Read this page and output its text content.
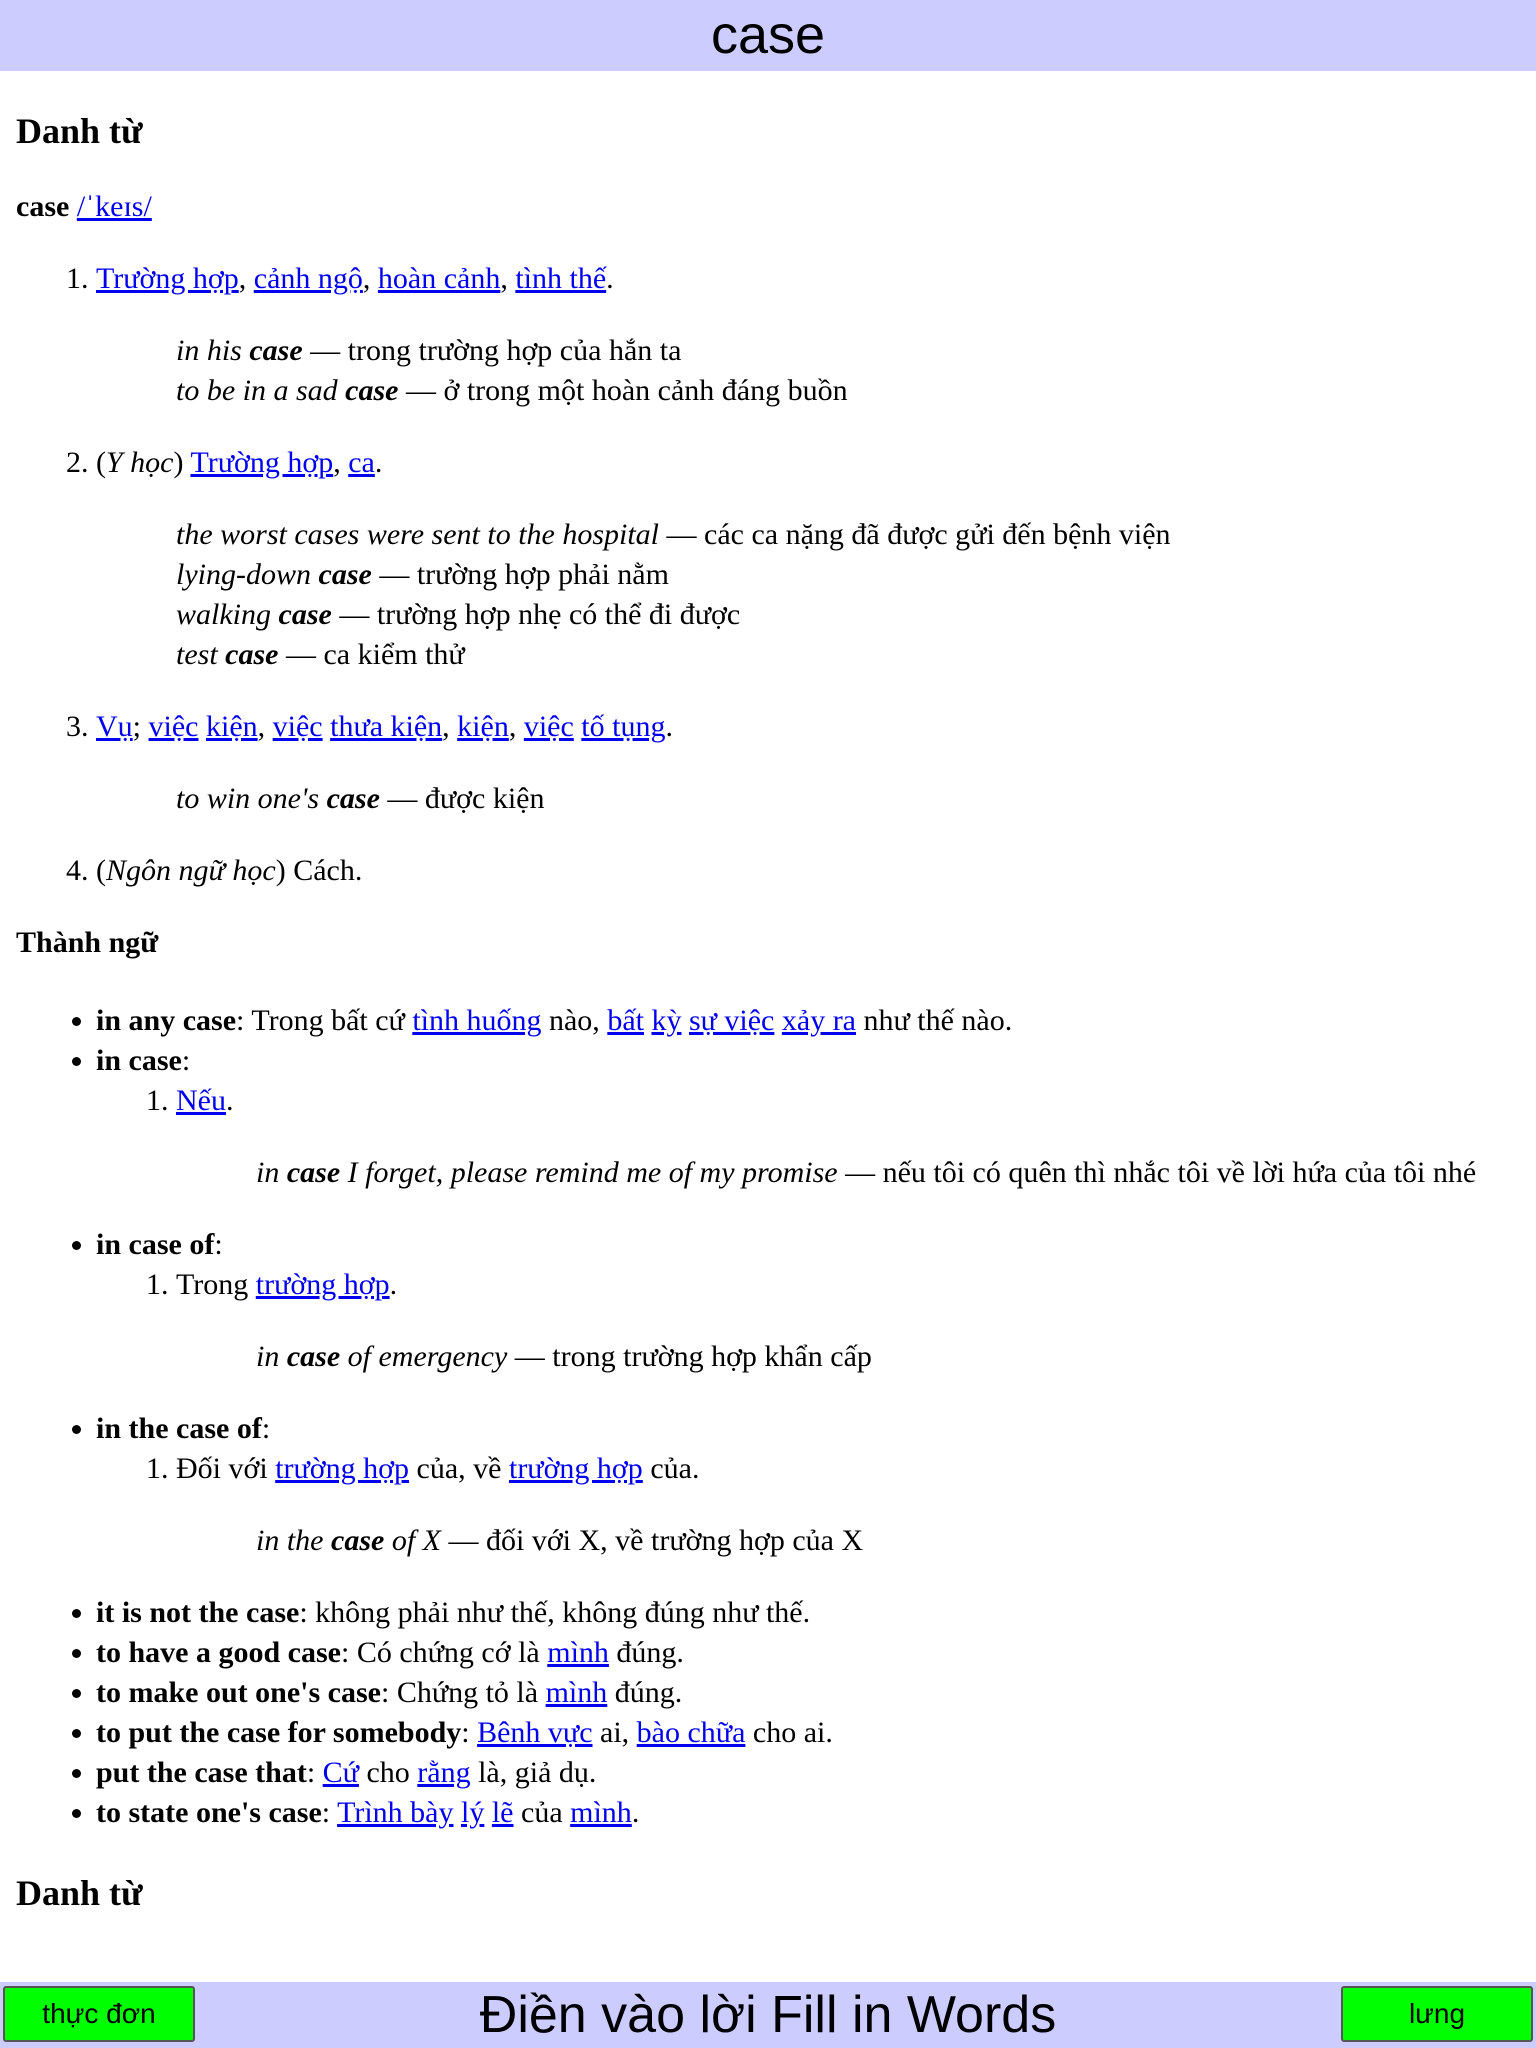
case
Danh từ
case /ˈkeɪs/
1. Trường hợp, cảnh ngộ, hoàn cảnh, tình thế.
in his case — trong trường hợp của hắn ta
to be in a sad case — ở trong một hoàn cảnh đáng buồn
2. (Y học) Trường hợp, ca.
the worst cases were sent to the hospital — các ca nặng đã được gửi đến bệnh viện
lying-down case — trường hợp phải nằm
walking case — trường hợp nhẹ có thể đi được
test case — ca kiểm thử
3. Vụ; việc kiện, việc thưa kiện, kiện, việc tố tụng.
to win one's case — được kiện
4. (Ngôn ngữ học) Cách.
Thành ngữ
• in any case: Trong bất cứ tình huống nào, bất kỳ sự việc xảy ra như thế nào.
• in case:
1. Nếu.
in case I forget, please remind me of my promise — nếu tôi có quên thì nhắc tôi về lời hứa của tôi nhé
• in case of:
1. Trong trường hợp.
in case of emergency — trong trường hợp khẩn cấp
• in the case of:
1. Đối với trường hợp của, về trường hợp của.
in the case of X — đối với X, về trường hợp của X
• it is not the case: không phải như thế, không đúng như thế.
• to have a good case: Có chứng cớ là mình đúng.
• to make out one's case: Chứng tỏ là mình đúng.
• to put the case for somebody: Bênh vực ai, bào chữa cho ai.
• put the case that: Cứ cho rằng là, giả dụ.
• to state one's case: Trình bày lý lẽ của mình.
Danh từ
thực đơn	Điền vào lời Fill in Words	lưng
